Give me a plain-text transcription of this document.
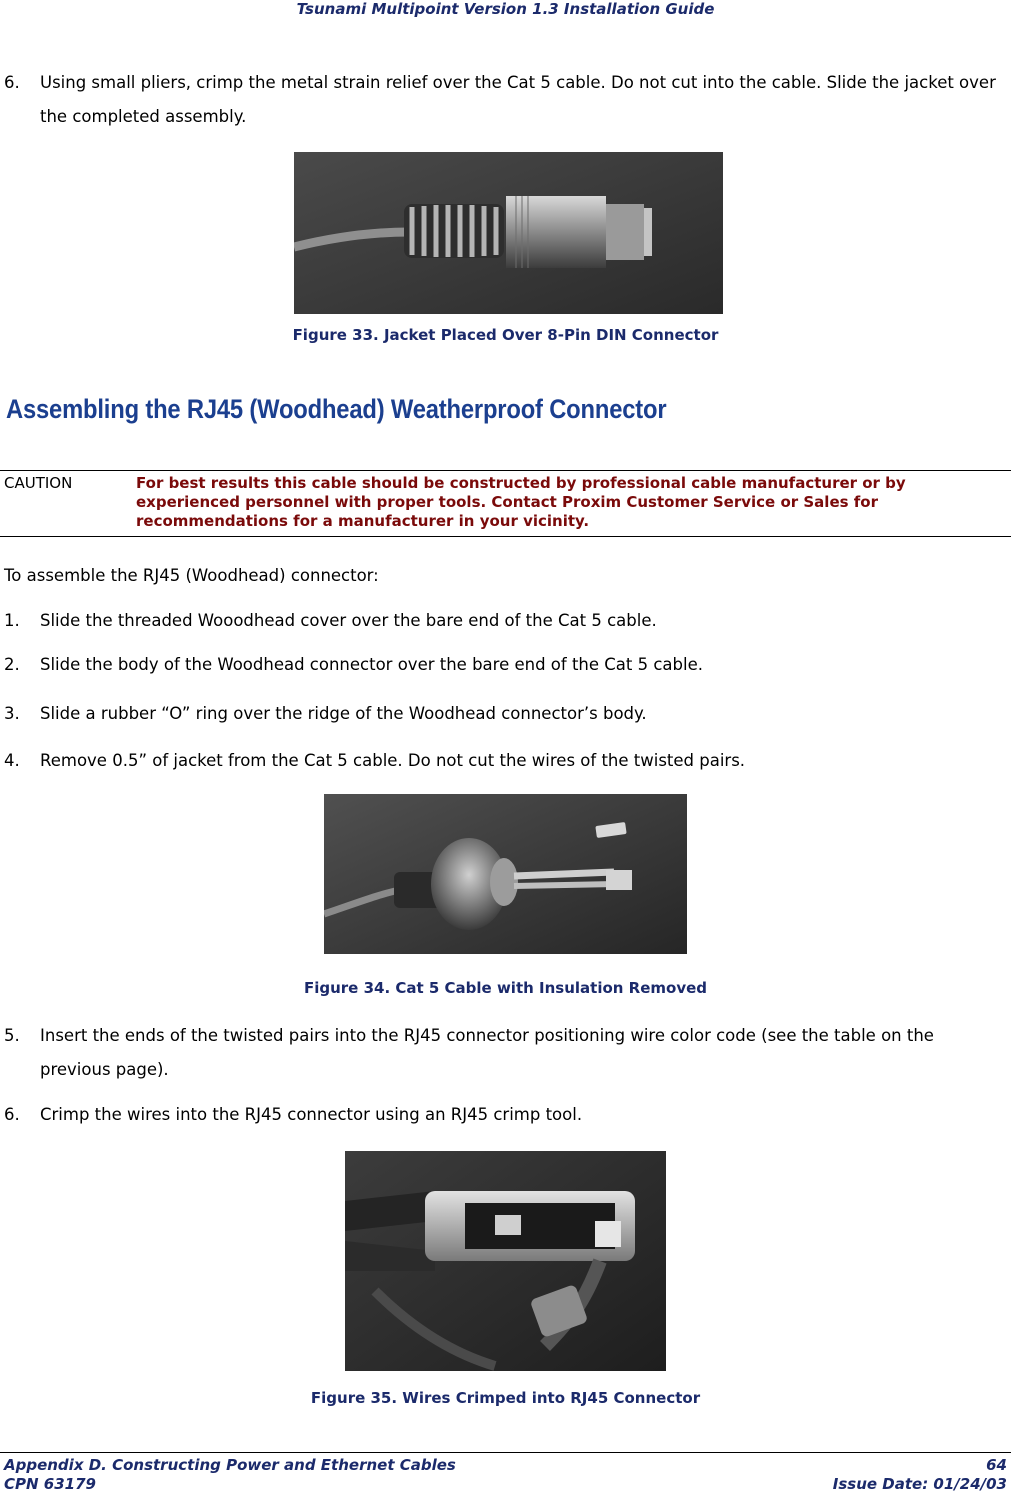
Tsunami Multipoint Version 1.3 Installation Guide
6. Using small pliers, crimp the metal strain relief over the Cat 5 cable. Do not cut into the cable. Slide the jacket over the completed assembly.
Figure 33. Jacket Placed Over 8-Pin DIN Connector
Assembling the RJ45 (Woodhead) Weatherproof Connector
CAUTION	For best results this cable should be constructed by professional cable manufacturer or by experienced personnel with proper tools. Contact Proxim Customer Service or Sales for recommendations for a manufacturer in your vicinity.
To assemble the RJ45 (Woodhead) connector:
1. Slide the threaded Wooodhead cover over the bare end of the Cat 5 cable.
2. Slide the body of the Woodhead connector over the bare end of the Cat 5 cable.
3. Slide a rubber “O” ring over the ridge of the Woodhead connector’s body.
4. Remove 0.5” of jacket from the Cat 5 cable. Do not cut the wires of the twisted pairs.
Figure 34. Cat 5 Cable with Insulation Removed
5. Insert the ends of the twisted pairs into the RJ45 connector positioning wire color code (see the table on the previous page).
6. Crimp the wires into the RJ45 connector using an RJ45 crimp tool.
Figure 35. Wires Crimped into RJ45 Connector
Appendix D. Constructing Power and Ethernet Cables
CPN 63179
64
Issue Date: 01/24/03
